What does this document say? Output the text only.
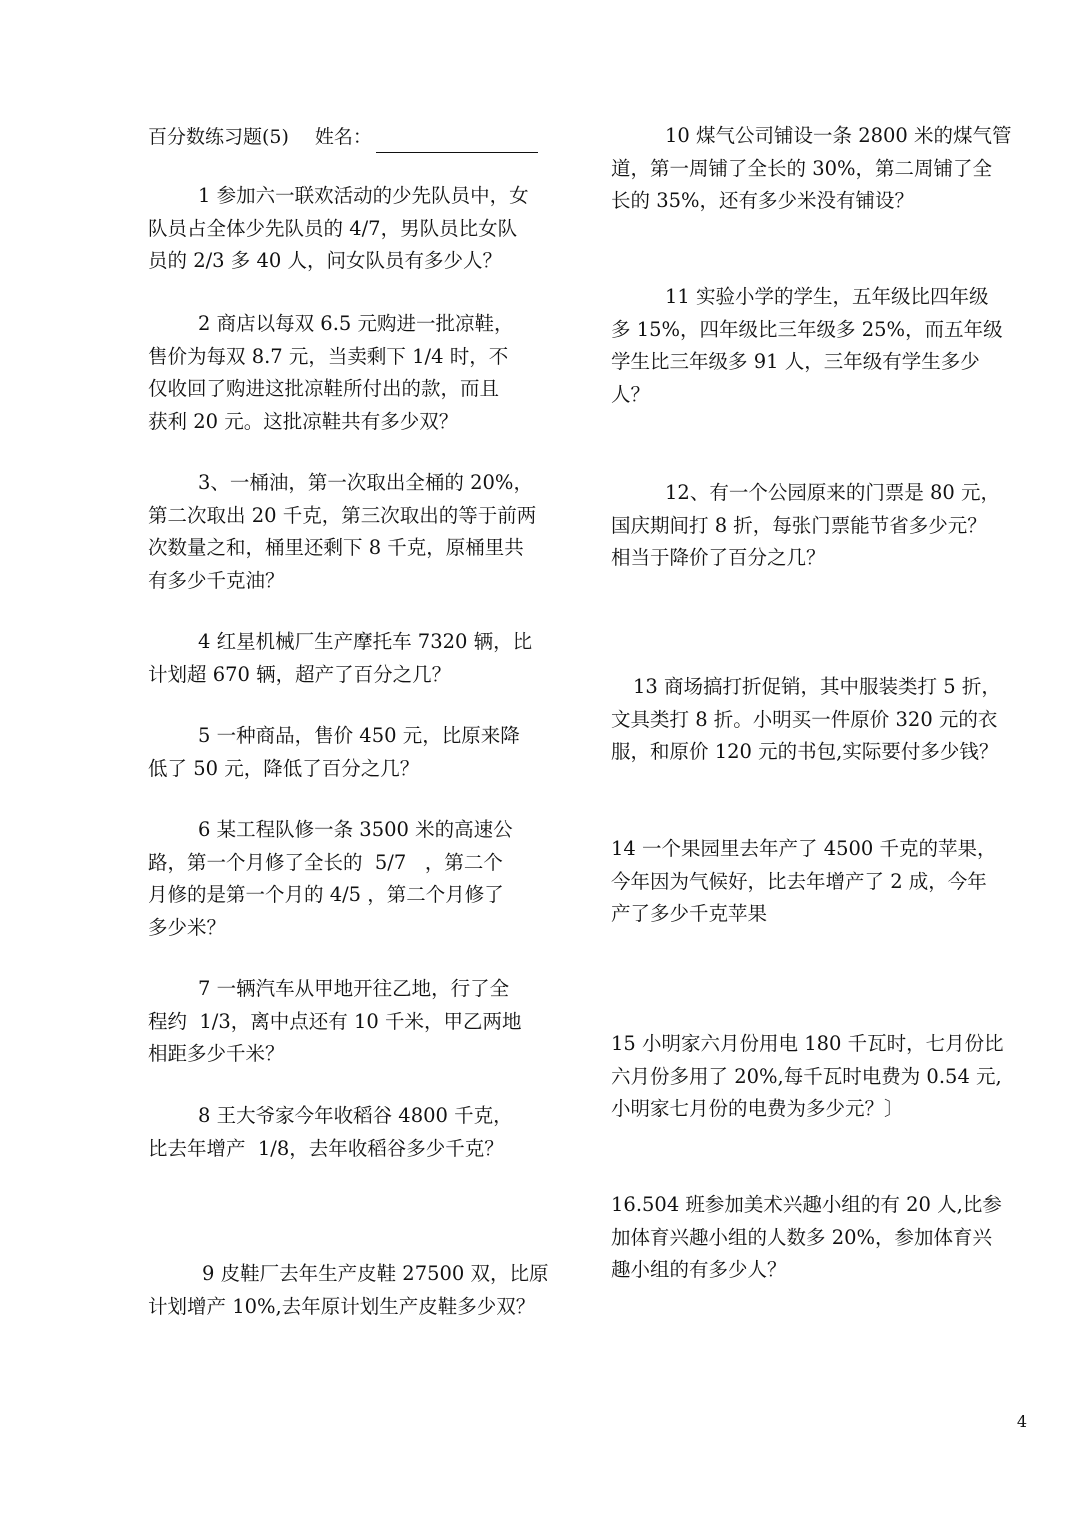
百分数练习题(5) 姓名：
1 参加六一联欢活动的少先队员中，女
队员占全体少先队员的 4/7，男队员比女队
员的 2/3 多 40 人，问女队员有多少人？
2 商店以每双 6.5 元购进一批凉鞋，
售价为每双 8.7 元，当卖剩下 1/4 时，不
仅收回了购进这批凉鞋所付出的款，而且
获利 20 元。这批凉鞋共有多少双？
3、一桶油，第一次取出全桶的 20%，
第二次取出 20 千克，第三次取出的等于前两
次数量之和，桶里还剩下 8 千克，原桶里共
有多少千克油？
4 红星机械厂生产摩托车 7320 辆，比
计划超 670 辆，超产了百分之几？
5 一种商品，售价 450 元，比原来降
低了 50 元，降低了百分之几？
6 某工程队修一条 3500 米的高速公
路，第一个月修了全长的  5/7   ，第二个
月修的是第一个月的 4/5 ，第二个月修了
多少米？
7 一辆汽车从甲地开往乙地，行了全
程约  1/3，离中点还有 10 千米，甲乙两地
相距多少千米？
8 王大爷家今年收稻谷 4800 千克，
比去年增产  1/8，去年收稻谷多少千克？
9 皮鞋厂去年生产皮鞋 27500 双，比原
计划增产 10%,去年原计划生产皮鞋多少双？
10 煤气公司铺设一条 2800 米的煤气管
道，第一周铺了全长的 30%，第二周铺了全
长的 35%，还有多少米没有铺设？
11 实验小学的学生，五年级比四年级
多 15%，四年级比三年级多 25%，而五年级
学生比三年级多 91 人，三年级有学生多少
人？
12、有一个公园原来的门票是 80 元，
国庆期间打 8 折，每张门票能节省多少元？
相当于降价了百分之几？
13 商场搞打折促销，其中服装类打 5 折，
文具类打 8 折。小明买一件原价 320 元的衣
服，和原价 120 元的书包,实际要付多少钱？
14 一个果园里去年产了 4500 千克的苹果，
今年因为气候好，比去年增产了 2 成，今年
产了多少千克苹果
15 小明家六月份用电 180 千瓦时，七月份比
六月份多用了 20%,每千瓦时电费为 0.54 元,
小明家七月份的电费为多少元？〕
16.504 班参加美术兴趣小组的有 20 人,比参
加体育兴趣小组的人数多 20%，参加体育兴
趣小组的有多少人？
4
